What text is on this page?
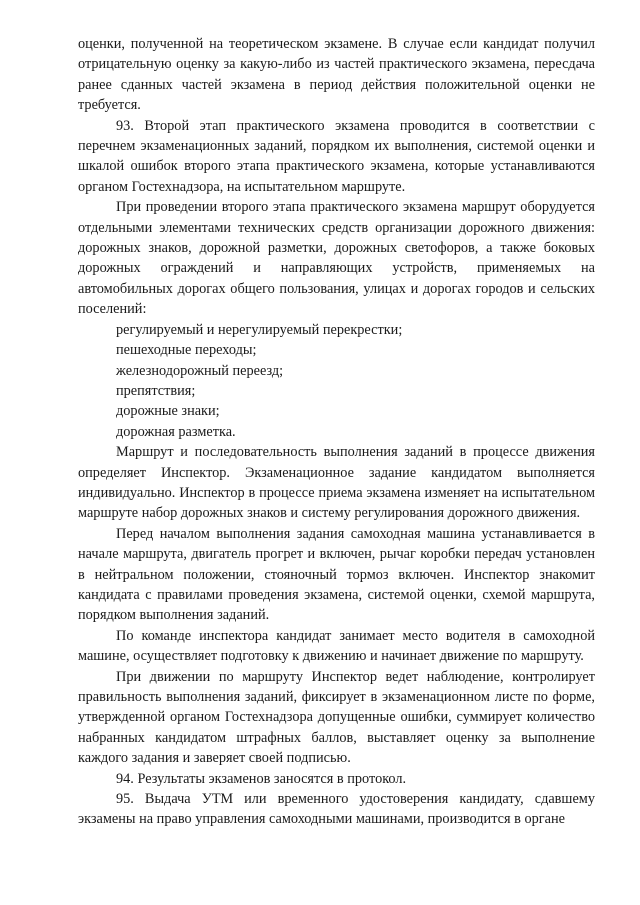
оценки, полученной на теоретическом экзамене. В случае если кандидат получил отрицательную оценку за какую-либо из частей практического экзамена, пересдача ранее сданных частей экзамена в период действия положительной оценки не требуется.

93. Второй этап практического экзамена проводится в соответствии с перечнем экзаменационных заданий, порядком их выполнения, системой оценки и шкалой ошибок второго этапа практического экзамена, которые устанавливаются органом Гостехнадзора, на испытательном маршруте.

При проведении второго этапа практического экзамена маршрут оборудуется отдельными элементами технических средств организации дорожного движения: дорожных знаков, дорожной разметки, дорожных светофоров, а также боковых дорожных ограждений и направляющих устройств, применяемых на автомобильных дорогах общего пользования, улицах и дорогах городов и сельских поселений:

регулируемый и нерегулируемый перекрестки;

пешеходные переходы;

железнодорожный переезд;

препятствия;

дорожные знаки;

дорожная разметка.

Маршрут и последовательность выполнения заданий в процессе движения определяет Инспектор. Экзаменационное задание кандидатом выполняется индивидуально. Инспектор в процессе приема экзамена изменяет на испытательном маршруте набор дорожных знаков и систему регулирования дорожного движения.

Перед началом выполнения задания самоходная машина устанавливается в начале маршрута, двигатель прогрет и включен, рычаг коробки передач установлен в нейтральном положении, стояночный тормоз включен. Инспектор знакомит кандидата с правилами проведения экзамена, системой оценки, схемой маршрута, порядком выполнения заданий.

По команде инспектора кандидат занимает место водителя в самоходной машине, осуществляет подготовку к движению и начинает движение по маршруту.

При движении по маршруту Инспектор ведет наблюдение, контролирует правильность выполнения заданий, фиксирует в экзаменационном листе по форме, утвержденной органом Гостехнадзора допущенные ошибки, суммирует количество набранных кандидатом штрафных баллов, выставляет оценку за выполнение каждого задания и заверяет своей подписью.

94. Результаты экзаменов заносятся в протокол.

95. Выдача УТМ или временного удостоверения кандидату, сдавшему экзамены на право управления самоходными машинами, производится в органе
